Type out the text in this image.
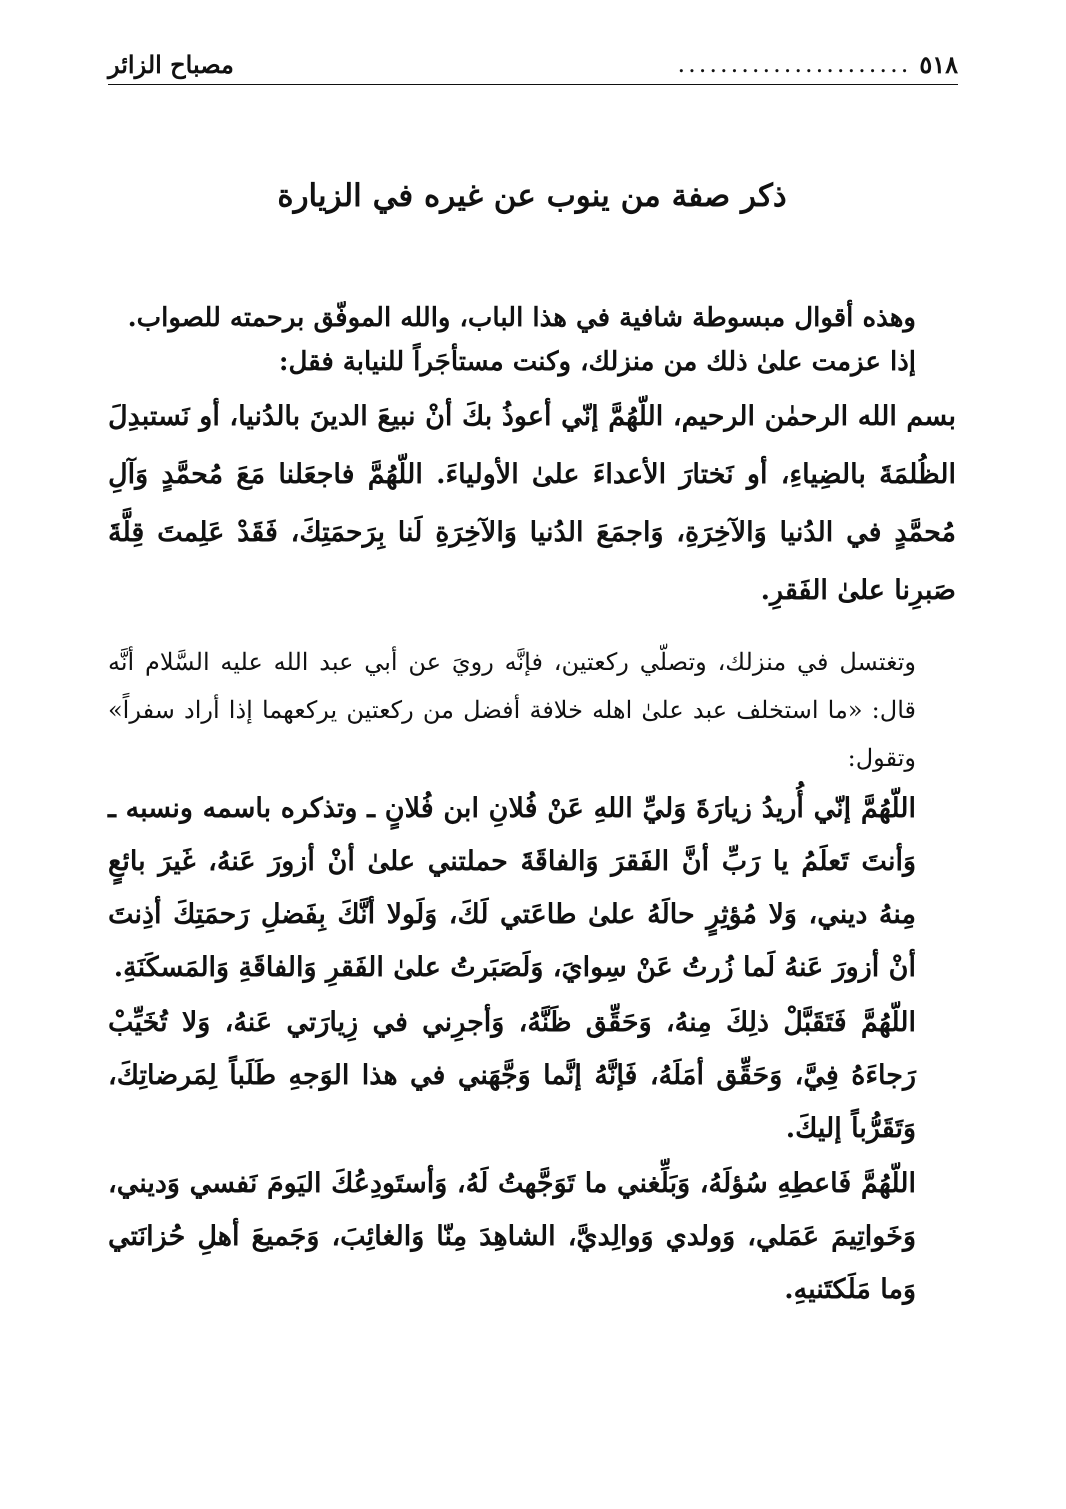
٥١٨
......................
مصباح الزائر
ذكر صفة من ينوب عن غيره في الزيارة
وهذه أقوال مبسوطة شافية في هذا الباب، والله الموفّق برحمته للصواب.
إذا عزمت علىٰ ذلك من منزلك، وكنت مستأجَراً للنيابة فقل:

بسم الله الرحمٰن الرحيم، اللّهُمَّ إنّي أعوذُ بكَ أنْ نبيعَ الدينَ بالدُنيا، أو نَستبدِلَ الظُلمَةَ بالضِياءِ، أو نَختارَ الأعداءَ علىٰ الأولياءَ. اللّهُمَّ فاجعَلنا مَعَ مُحمَّدٍ وَآلِ مُحمَّدٍ في الدُنيا وَالآخِرَةِ، وَاجمَعَ الدُنيا وَالآخِرَةِ لَنا بِرَحمَتِكَ، فَقَدْ عَلِمتَ قِلَّةَ صَبرِنا علىٰ الفَقرِ.

وتغتسل في منزلك، وتصلّي ركعتين، فإنَّه رويَ عن أبي عبد الله عليه السَّلام أنَّه قال: «ما استخلف عبد علىٰ اهله خلافة أفضل من ركعتين يركعهما إذا أراد سفراً» وتقول:

اللّهُمَّ إنّي أُريدُ زيارَةَ وَليِّ اللهِ عَنْ فُلانِ ابن فُلانٍ ـ وتذكره باسمه ونسبه ـ وَأنتَ تَعلَمُ يا رَبِّ أنَّ الفَقرَ وَالفاقَةَ حملتني علىٰ أنْ أزورَ عَنهُ، غَيرَ بائعٍ مِنهُ ديني، وَلا مُؤثِرٍ حالَهُ علىٰ طاعَتي لَكَ، وَلَولا أنَّكَ بِفَضلِ رَحمَتِكَ أذِنتَ أنْ أزورَ عَنهُ لَما زُرتُ عَنْ سِوايَ، وَلَصَبَرتُ علىٰ الفَقرِ وَالفاقَةِ وَالمَسكَنَةِ.

اللّهُمَّ فَتَقَبَّلْ ذلِكَ مِنهُ، وَحَقِّق ظَنَّهُ، وَأجرِني في زِيارَتي عَنهُ، وَلا تُخَيِّبْ رَجاءَهُ فِيَّ، وَحَقِّق أمَلَهُ، فَإنَّهُ إنَّما وَجَّهَني في هذا الوَجهِ طَلَباً لِمَرضاتِكَ، وَتَقَرُّباً إليكَ.

اللّهُمَّ فَاعطِهِ سُؤلَهُ، وَبَلِّغني ما تَوَجَّهتُ لَهُ، وَأستَودِعُكَ اليَومَ نَفسي وَديني، وَخَواتِيمَ عَمَلي، وَولدي وَوالِديَّ، الشاهِدَ مِنّا وَالغائِبَ، وَجَميعَ أهلِ حُزانَتي وَما مَلَكتَنيهِ.
